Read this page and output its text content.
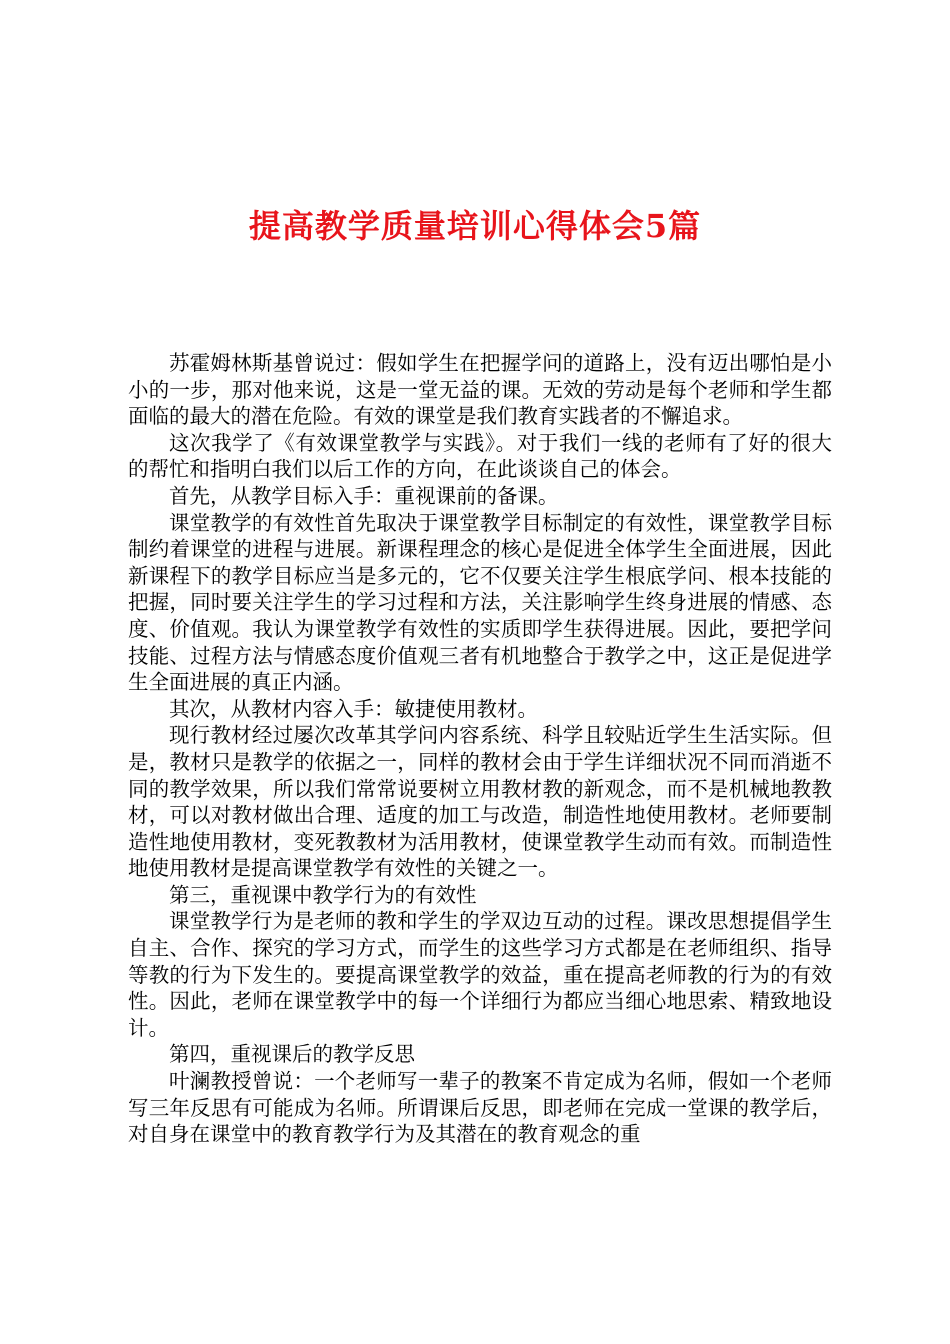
提高教学质量培训心得体会5篇

苏霍姆林斯基曾说过：假如学生在把握学问的道路上，没有迈出哪怕是小小的一步，那对他来说，这是一堂无益的课。无效的劳动是每个老师和学生都面临的最大的潜在危险。有效的课堂是我们教育实践者的不懈追求。

这次我学了《有效课堂教学与实践》。对于我们一线的老师有了好的很大的帮忙和指明白我们以后工作的方向，在此谈谈自己的体会。

首先，从教学目标入手：重视课前的备课。

课堂教学的有效性首先取决于课堂教学目标制定的有效性，课堂教学目标制约着课堂的进程与进展。新课程理念的核心是促进全体学生全面进展，因此新课程下的教学目标应当是多元的，它不仅要关注学生根底学问、根本技能的把握，同时要关注学生的学习过程和方法，关注影响学生终身进展的情感、态度、价值观。我认为课堂教学有效性的实质即学生获得进展。因此，要把学问技能、过程方法与情感态度价值观三者有机地整合于教学之中，这正是促进学生全面进展的真正内涵。

其次，从教材内容入手：敏捷使用教材。

现行教材经过屡次改革其学问内容系统、科学且较贴近学生生活实际。但是，教材只是教学的依据之一，同样的教材会由于学生详细状况不同而消逝不同的教学效果，所以我们常常说要树立用教材教的新观念，而不是机械地教教材，可以对教材做出合理、适度的加工与改造，制造性地使用教材。老师要制造性地使用教材，变死教教材为活用教材，使课堂教学生动而有效。而制造性地使用教材是提高课堂教学有效性的关键之一。

第三，重视课中教学行为的有效性

课堂教学行为是老师的教和学生的学双边互动的过程。课改思想提倡学生自主、合作、探究的学习方式，而学生的这些学习方式都是在老师组织、指导等教的行为下发生的。要提高课堂教学的效益，重在提高老师教的行为的有效性。因此，老师在课堂教学中的每一个详细行为都应当细心地思索、精致地设计。

第四，重视课后的教学反思

叶澜教授曾说：一个老师写一辈子的教案不肯定成为名师，假如一个老师写三年反思有可能成为名师。所谓课后反思，即老师在完成一堂课的教学后，对自身在课堂中的教育教学行为及其潜在的教育观念的重
